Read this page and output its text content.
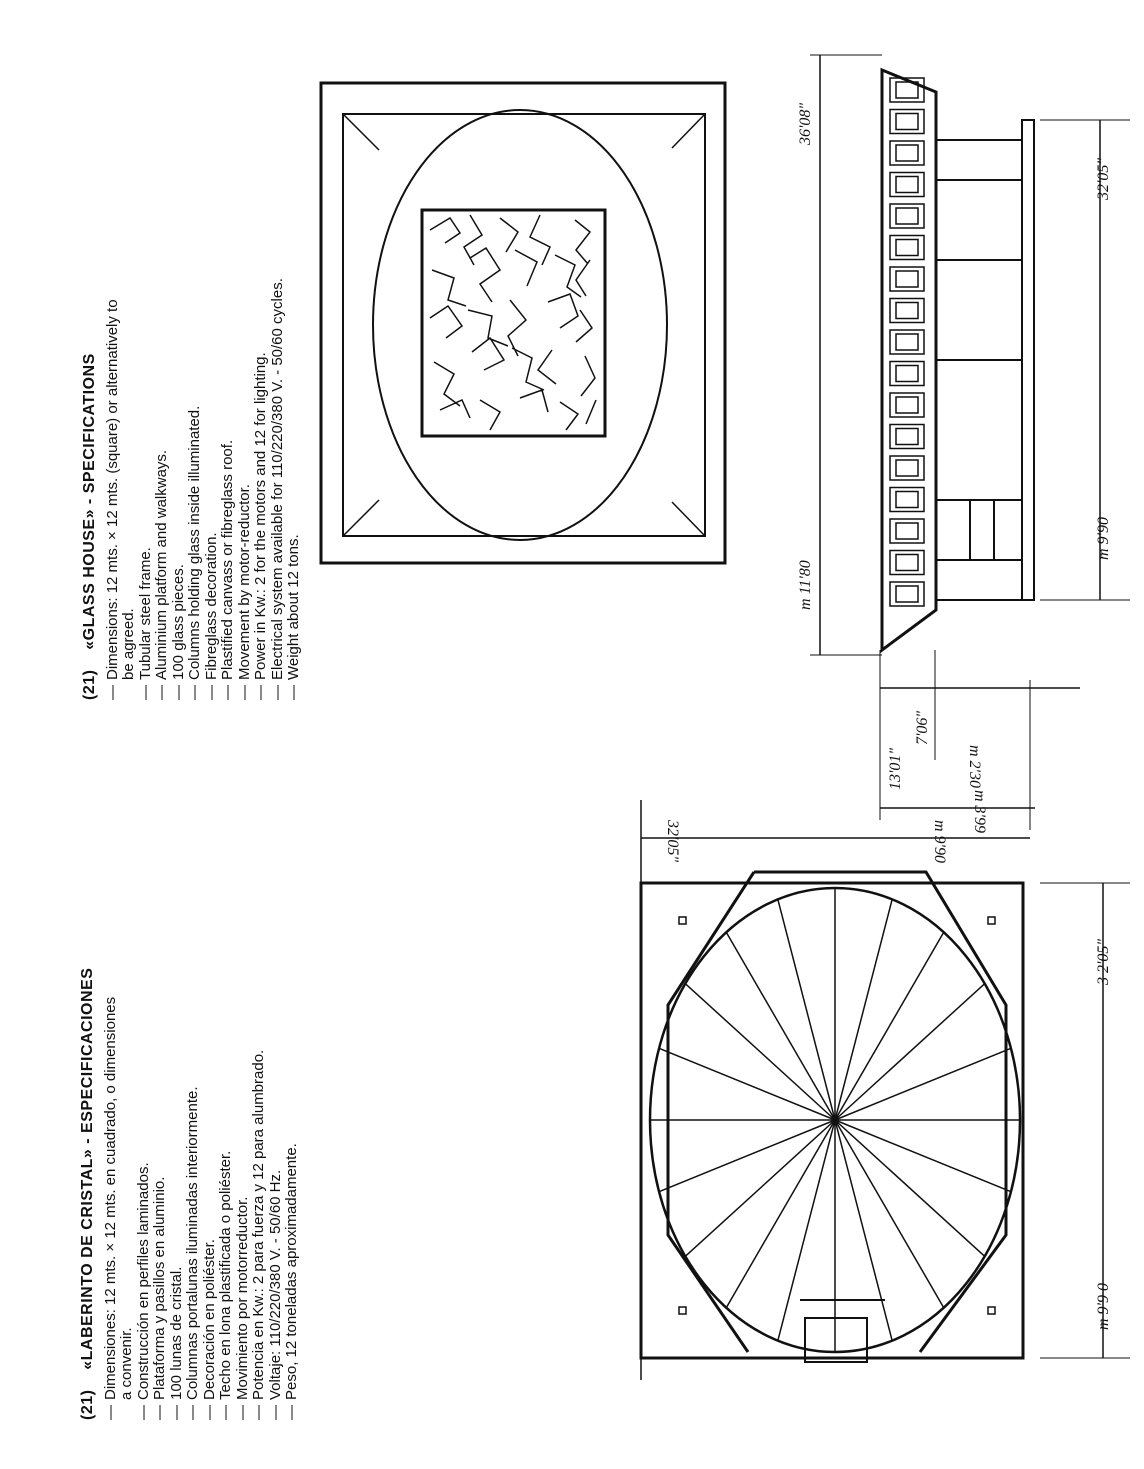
(21)    «LABERINTO DE CRISTAL» - ESPECIFICACIONES
—Dimensiones: 12 mts. × 12 mts. en cuadrado, o dimensiones a convenir.
—Construcción en perfiles laminados.
—Plataforma y pasillos en aluminio.
—100 lunas de cristal.
—Columnas portalunas iluminadas interiormente.
—Decoración en poliéster.
—Techo en lona plastificada o poliéster.
—Movimiento por motorreductor.
—Potencia en Kw.: 2 para fuerza y 12 para alumbrado.
—Voltaje: 110/220/380 V. - 50/60 Hz.
—Peso, 12 toneladas aproximadamente.
(21)    «GLASS HOUSE» - SPECIFICATIONS
—Dimensions: 12 mts. × 12 mts. (square) or alternatively to be agreed.
—Tubular steel frame.
—Aluminium platform and walkways.
—100 glass pieces.
—Columns holding glass inside illuminated.
—Fibreglass decoration.
—Plastified canvass or fibreglass roof.
—Movement by motor-reductor.
—Power in Kw.: 2 for the motors and 12 for lighting.
—Electrical system available for 110/220/380 V. - 50/60 cycles.
—Weight about 12 tons.
36'08"
m 11'80
32'05"
m 9'90
7'06"
m 2'30
13'01"
m 3'99
32'05"	m 9'90
3 2'05"
m 9'9 0
